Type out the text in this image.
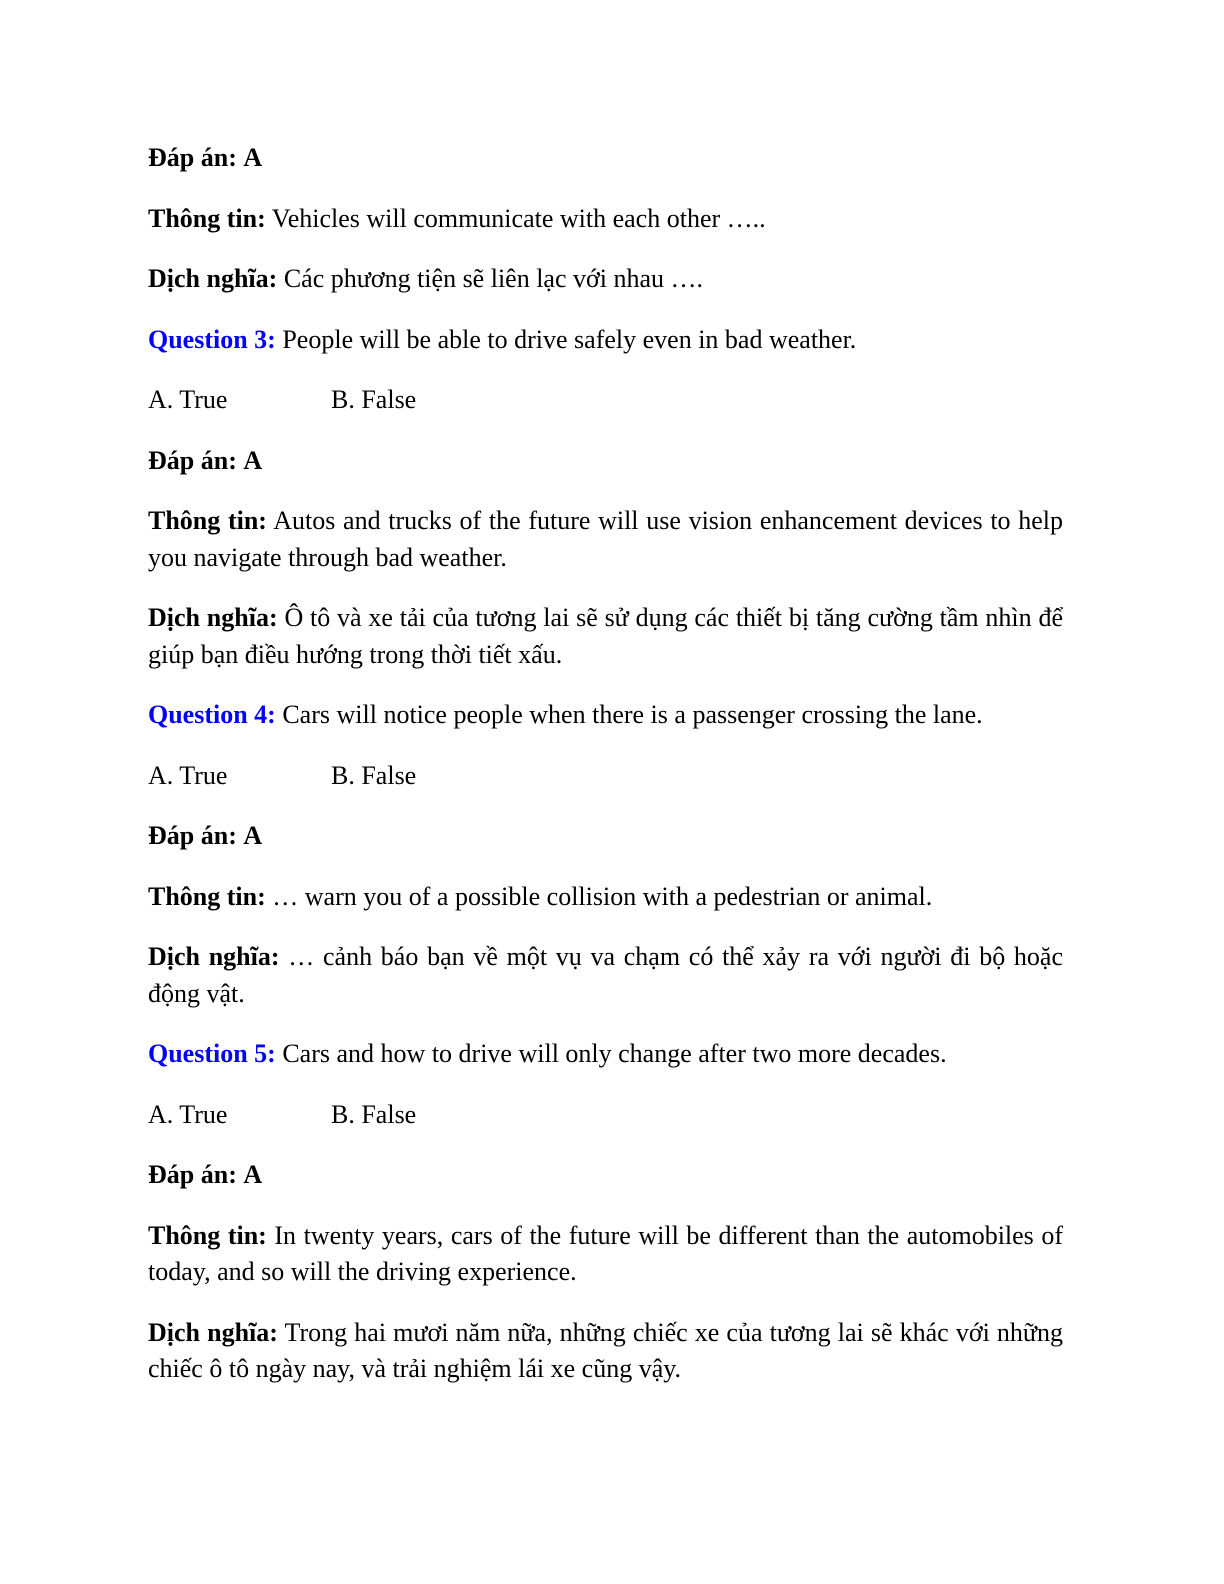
Đáp án: A

Thông tin: Vehicles will communicate with each other …..

Dịch nghĩa: Các phương tiện sẽ liên lạc với nhau ….

Question 3: People will be able to drive safely even in bad weather.

A. True	B. False

Đáp án: A

Thông tin: Autos and trucks of the future will use vision enhancement devices to help you navigate through bad weather.

Dịch nghĩa: Ô tô và xe tải của tương lai sẽ sử dụng các thiết bị tăng cường tầm nhìn để giúp bạn điều hướng trong thời tiết xấu.

Question 4: Cars will notice people when there is a passenger crossing the lane.

A. True	B. False

Đáp án: A

Thông tin: … warn you of a possible collision with a pedestrian or animal.

Dịch nghĩa: … cảnh báo bạn về một vụ va chạm có thể xảy ra với người đi bộ hoặc động vật.

Question 5: Cars and how to drive will only change after two more decades.

A. True	B. False

Đáp án: A

Thông tin: In twenty years, cars of the future will be different than the automobiles of today, and so will the driving experience.

Dịch nghĩa: Trong hai mươi năm nữa, những chiếc xe của tương lai sẽ khác với những chiếc ô tô ngày nay, và trải nghiệm lái xe cũng vậy.
